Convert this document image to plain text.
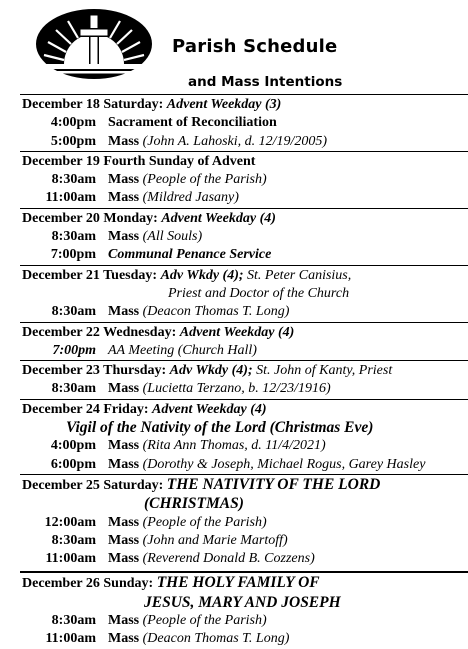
Parish Schedule
and Mass Intentions
December 18 Saturday: Advent Weekday (3)
4:00pm Sacrament of Reconciliation
5:00pm Mass
(John A. Lahoski, d. 12/19/2005)
December 19 Fourth Sunday of Advent
8:30am Mass
(People of the Parish)
11:00am Mass
(Mildred Jasany)
December 20 Monday: Advent Weekday (4)
8:30am Mass
(All Souls)
7:00pm Communal Penance Service
December 21 Tuesday: Adv Wkdy (4); St. Peter Canisius,
Priest and Doctor of the Church
8:30am Mass
(Deacon Thomas T. Long)
December 22 Wednesday: Advent Weekday (4)
7:00pm AA Meeting
(Church Hall)
December 23 Thursday: Adv Wkdy (4); St. John of Kanty, Priest
8:30am Mass
(Lucietta Terzano, b. 12/23/1916)
December 24 Friday: Advent Weekday (4)
Vigil of the Nativity of the Lord (Christmas Eve)
4:00pm Mass
(Rita Ann Thomas, d. 11/4/2021)
6:00pm Mass
(Dorothy & Joseph, Michael Rogus, Garey Hasley
December 25 Saturday: THE NATIVITY OF THE LORD
(CHRISTMAS)
12:00am Mass
(People of the Parish)
8:30am Mass
(John and Marie Martoff)
11:00am Mass
(Reverend Donald B. Cozzens)
December 26 Sunday: THE HOLY FAMILY OF
JESUS, MARY AND JOSEPH
8:30am Mass
(People of the Parish)
11:00am Mass
(Deacon Thomas T. Long)
